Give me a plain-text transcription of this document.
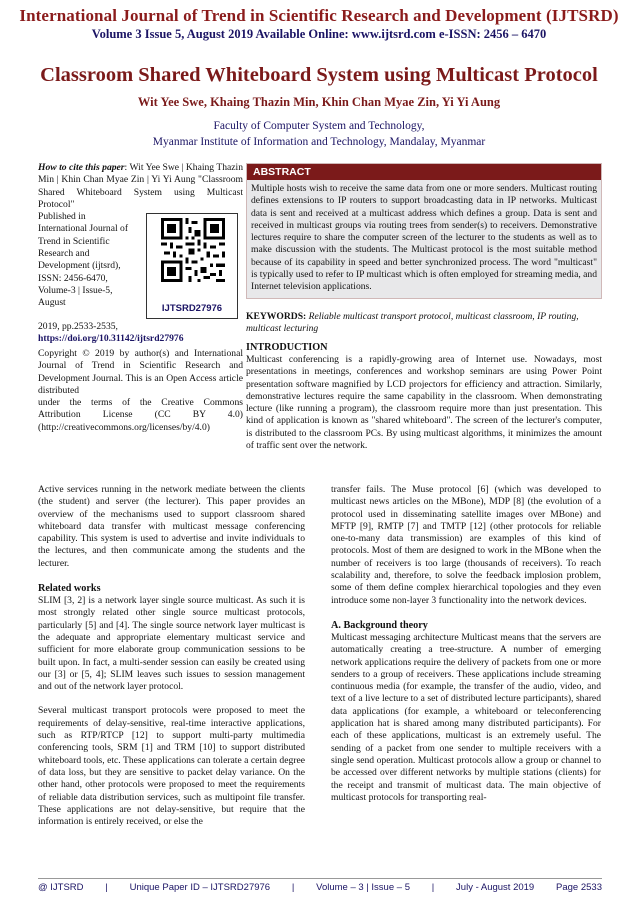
International Journal of Trend in Scientific Research and Development (IJTSRD)
Volume 3 Issue 5, August 2019 Available Online: www.ijtsrd.com e-ISSN: 2456 – 6470
Classroom Shared Whiteboard System using Multicast Protocol
Wit Yee Swe, Khaing Thazin Min, Khin Chan Myae Zin, Yi Yi Aung
Faculty of Computer System and Technology,
Myanmar Institute of Information and Technology, Mandalay, Myanmar
How to cite this paper: Wit Yee Swe | Khaing Thazin Min | Khin Chan Myae Zin | Yi Yi Aung "Classroom Shared Whiteboard System using Multicast Protocol"
Published in International Journal of Trend in Scientific Research and Development (ijtsrd), ISSN: 2456-6470, Volume-3 | Issue-5, August
IJTSRD27976
2019, pp.2533-2535,
https://doi.org/10.31142/ijtsrd27976
Copyright © 2019 by author(s) and International Journal of Trend in Scientific Research and Development Journal. This is an Open Access article distributed
under the terms of the Creative Commons Attribution License (CC BY 4.0) (http://creativecommons.org/licenses/by/4.0)
ABSTRACT
Multiple hosts wish to receive the same data from one or more senders. Multicast routing defines extensions to IP routers to support broadcasting data in IP networks. Multicast data is sent and received at a multicast address which defines a group. Data is sent and received in multicast groups via routing trees from sender(s) to receivers. Demonstrative lectures require to share the computer screen of the lecturer to the students as well as to make discussion with the students. The Multicast protocol is the most suitable method because of its capability in speed and better synchronized process. The word "multicast" is typically used to refer to IP multicast which is often employed for streaming media, and Internet television applications.
KEYWORDS: Reliable multicast transport protocol, multicast classroom, IP routing, multicast lecturing
INTRODUCTION
Multicast conferencing is a rapidly-growing area of Internet use. Nowadays, most presentations in meetings, conferences and workshop seminars are using Power Point presentation software magnified by LCD projectors for efficiency and attraction. Similarly, demonstrative lectures require the same capability in the classroom. When demonstrating lecture (like running a program), the classroom require more than just presentation. This kind of application is known as "shared whiteboard". The screen of the lecturer's computer, is distributed to the classroom PCs. By using multicast algorithms, it minimizes the amount of traffic sent over the network.
Active services running in the network mediate between the clients (the student) and server (the lecturer). This paper provides an overview of the mechanisms used to support classroom shared whiteboard data transfer with multicast message conferencing capability. This system is used to advertise and invite individuals to the lectures, and then communicate among the students and the lecturer.
Related works
SLIM [3, 2] is a network layer single source multicast. As such it is most strongly related other single source multicast protocols, particularly [5] and [4]. The single source network layer multicast is the adequate and appropriate elementary multicast service and sufficient for more elaborate group communication sessions to be built upon. In fact, a multi-sender session can easily be created using our [3] or [5, 4]; SLIM leaves such issues to session management and out of the network layer protocol.
Several multicast transport protocols were proposed to meet the requirements of delay-sensitive, real-time interactive applications, such as RTP/RTCP [12] to support multi-party multimedia conferencing tools, SRM [1] and TRM [10] to support distributed whiteboard tools, etc. These applications can tolerate a certain degree of data loss, but they are sensitive to packet delay variance. On the other hand, other protocols were proposed to meet the requirements of reliable data distribution services, such as multipoint file transfer. These applications are not delay-sensitive, but require that the information is entirely received, or else the
transfer fails. The Muse protocol [6] (which was developed to multicast news articles on the MBone), MDP [8] (the evolution of a protocol used in disseminating satellite images over MBone) and MFTP [9], RMTP [7] and TMTP [12] (other protocols for reliable one-to-many data transmission) are examples of this kind of protocols. Most of them are designed to work in the MBone when the number of receivers is too large (thousands of receivers). To reach scalability and, therefore, to solve the feedback implosion problem, some of them define complex hierarchical topologies and they even introduce some non-layer 3 functionality into the network devices.
A. Background theory
Multicast messaging architecture Multicast means that the servers are automatically creating a tree-structure. A number of emerging network applications require the delivery of packets from one or more senders to a group of receivers. These applications include streaming continuous media (for example, the transfer of the audio, video, and text of a live lecture to a set of distributed lecture participants), shared data applications (for example, a whiteboard or teleconferencing application hat is shared among many distributed participants). For each of these applications, multicast is an extremely useful. The sending of a packet from one sender to multiple receivers with a single send operation. Multicast protocols allow a group or channel to be accessed over different networks by multiple stations (clients) for the receipt and transmit of multicast data. The main objective of multicast protocols for transporting real-
@ IJTSRD | Unique Paper ID – IJTSRD27976 | Volume – 3 | Issue – 5 | July - August 2019 Page 2533
